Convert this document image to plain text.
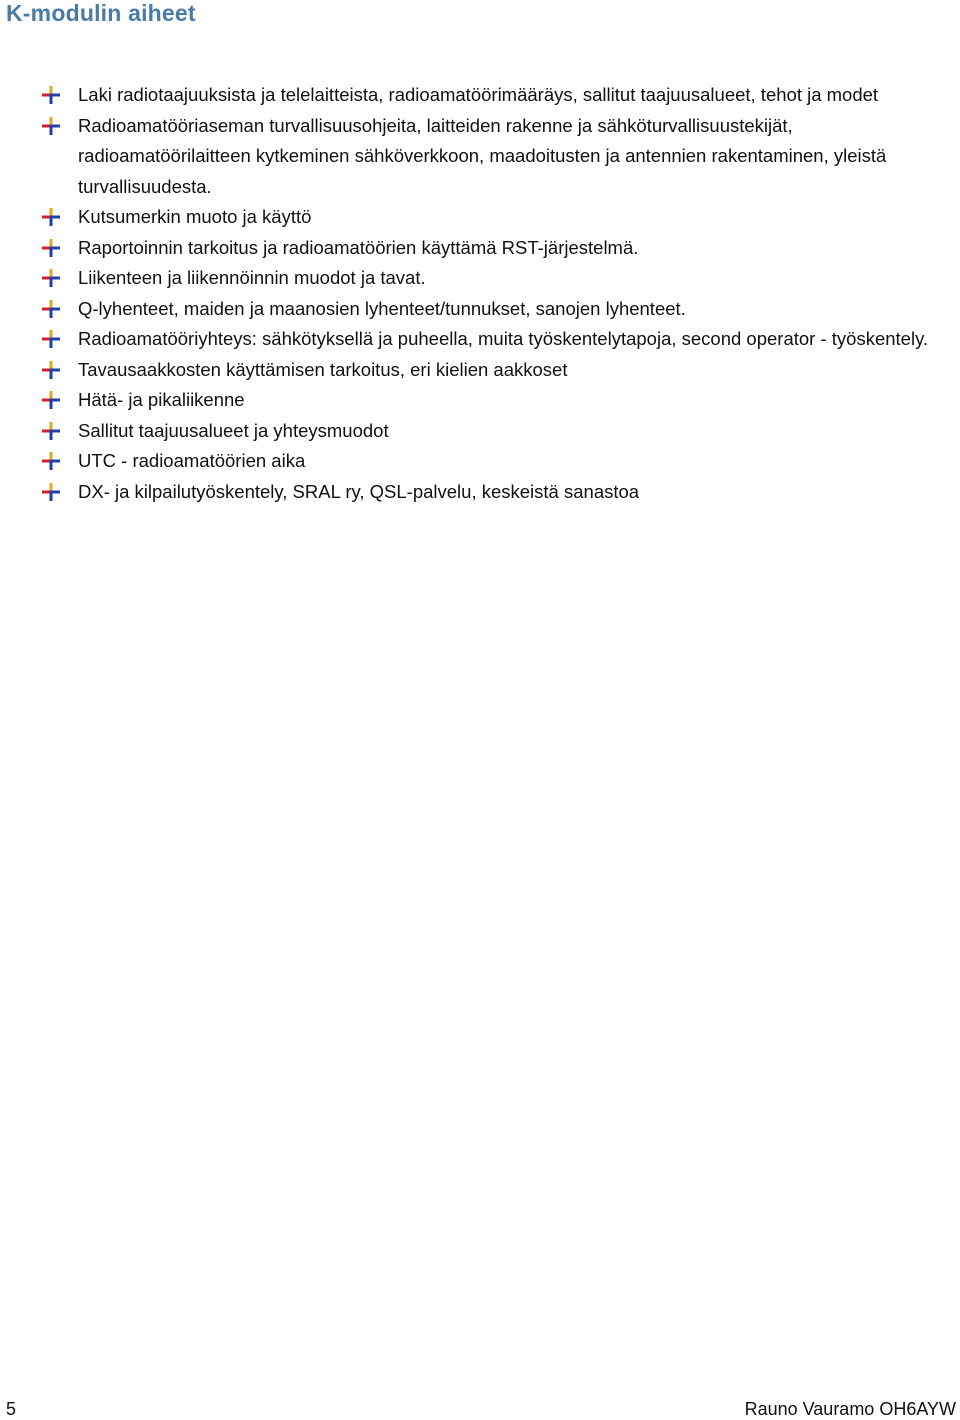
K-modulin aiheet
Laki radiotaajuuksista ja telelaitteista, radioamatöörimääräys, sallitut taajuusalueet, tehot ja modet
Radioamatööriaseman turvallisuusohjeita, laitteiden rakenne ja sähköturvallisuustekijät, radioamatöörilaitteen kytkeminen sähköverkkoon, maadoitusten ja antennien rakentaminen, yleistä turvallisuudesta.
Kutsumerkin muoto ja käyttö
Raportoinnin tarkoitus ja radioamatöörien käyttämä RST-järjestelmä.
Liikenteen ja liikennöinnin muodot ja tavat.
Q-lyhenteet, maiden ja maanosien lyhenteet/tunnukset, sanojen lyhenteet.
Radioamatööriyhteys: sähkötyksellä ja puheella, muita työskentelytapoja, second operator - työskentely.
Tavausaakkosten käyttämisen tarkoitus, eri kielien aakkoset
Hätä- ja pikaliikenne
Sallitut taajuusalueet ja yhteysmuodot
UTC - radioamatöörien aika
DX- ja kilpailutyöskentely, SRAL ry, QSL-palvelu, keskeistä sanastoa
5	Rauno Vauramo OH6AYW
